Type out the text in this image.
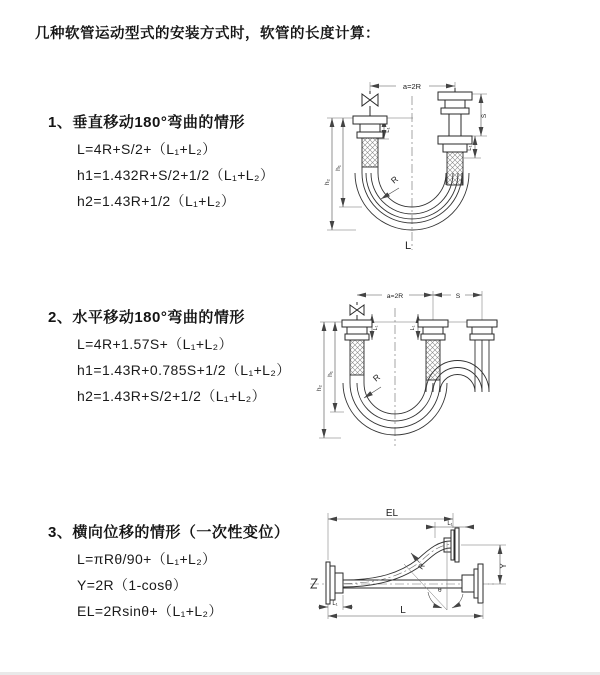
几种软管运动型式的安装方式时，软管的长度计算：
1、垂直移动180°弯曲的情形
L=4R+S/2+（L₁+L₂）
h1=1.432R+S/2+1/2（L₁+L₂）
h2=1.43R+1/2（L₁+L₂）
2、水平移动180°弯曲的情形
L=4R+1.57S+（L₁+L₂）
h1=1.43R+0.785S+1/2（L₁+L₂）
h2=1.43R+S/2+1/2（L₁+L₂）
3、横向位移的情形（一次性变位）
L=πRθ/90+（L₁+L₂）
Y=2R（1-cosθ）
EL=2Rsinθ+（L₁+L₂）
a=2R
h₂
h₁
L₁
S
L₁
R
L
a=2R	S
h₂
h₁
L₁	L₁
R
EL
L₁
Y
L₁
L
θ
R
